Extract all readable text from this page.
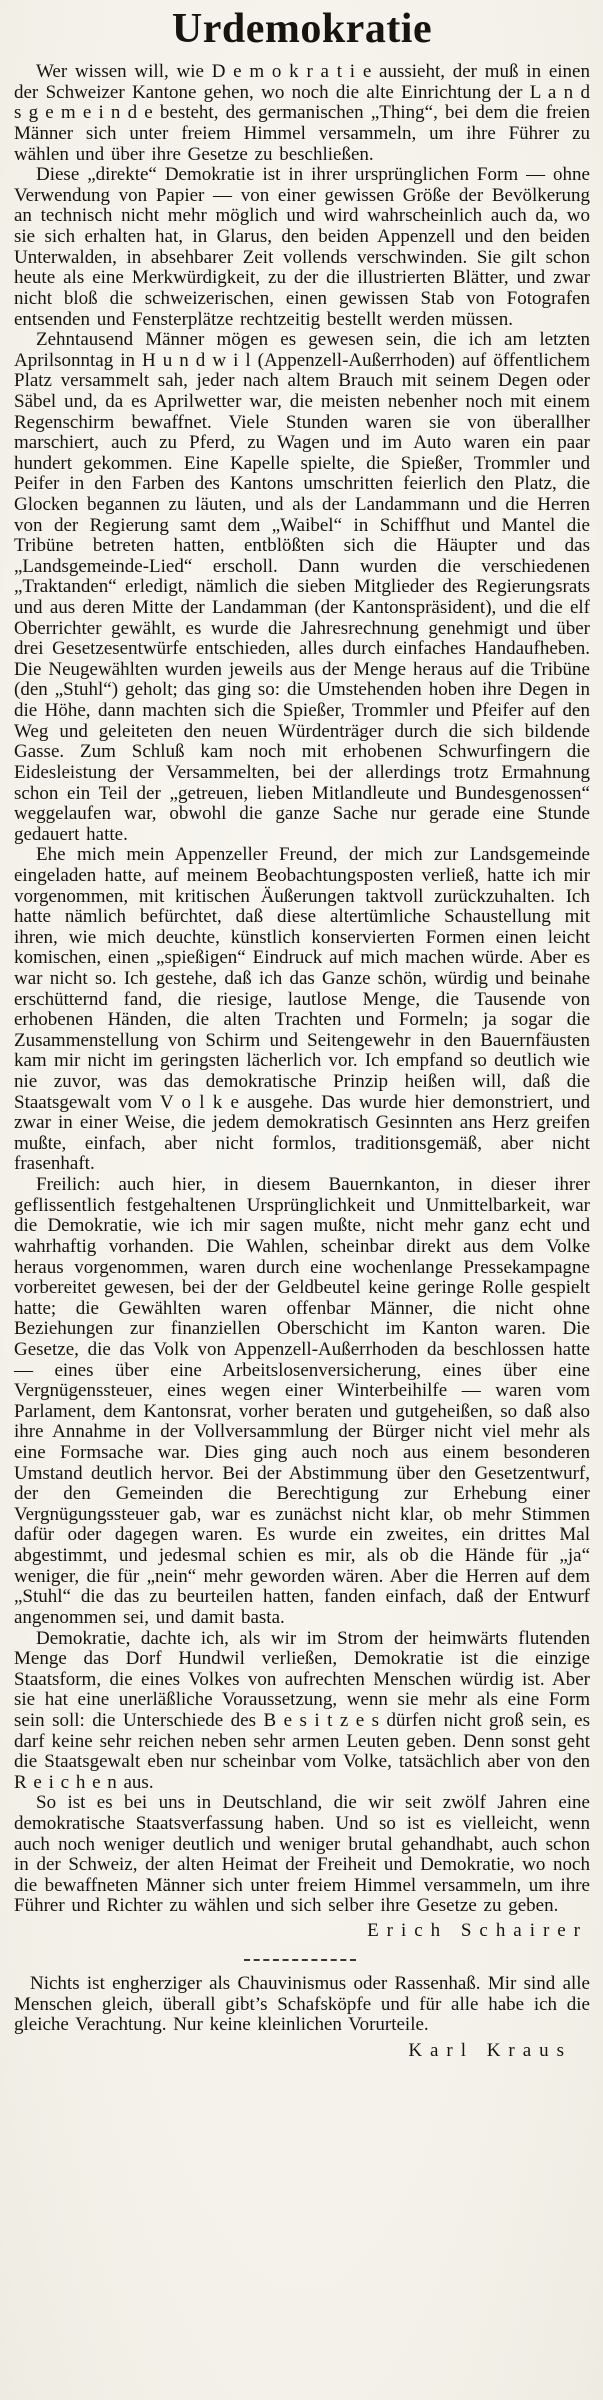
Urdemokratie

Wer wissen will, wie D e m o k r a t i e aussieht, der muß in einen der Schweizer Kantone gehen, wo noch die alte Einrichtung der L a n d s g e m e i n d e besteht, des germanischen „Thing“, bei dem die freien Männer sich unter freiem Himmel versammeln, um ihre Führer zu wählen und über ihre Gesetze zu beschließen.

Diese „direkte“ Demokratie ist in ihrer ursprünglichen Form — ohne Verwendung von Papier — von einer gewissen Größe der Bevölkerung an technisch nicht mehr möglich und wird wahrscheinlich auch da, wo sie sich erhalten hat, in Glarus, den beiden Appenzell und den beiden Unterwalden, in absehbarer Zeit vollends verschwinden. Sie gilt schon heute als eine Merkwürdigkeit, zu der die illustrierten Blätter, und zwar nicht bloß die schweizerischen, einen gewissen Stab von Fotografen entsenden und Fensterplätze rechtzeitig bestellt werden müssen.

Zehntausend Männer mögen es gewesen sein, die ich am letzten Aprilsonntag in H u n d w i l (Appenzell-Außerrhoden) auf öffentlichem Platz versammelt sah, jeder nach altem Brauch mit seinem Degen oder Säbel und, da es Aprilwetter war, die meisten nebenher noch mit einem Regenschirm bewaffnet. Viele Stunden waren sie von überallher marschiert, auch zu Pferd, zu Wagen und im Auto waren ein paar hundert gekommen. Eine Kapelle spielte, die Spießer, Trommler und Peifer in den Farben des Kantons umschritten feierlich den Platz, die Glocken begannen zu läuten, und als der Landammann und die Herren von der Regierung samt dem „Waibel“ in Schiffhut und Mantel die Tribüne betreten hatten, entblößten sich die Häupter und das „Landsgemeinde-Lied“ erscholl. Dann wurden die verschiedenen „Traktanden“ erledigt, nämlich die sieben Mitglieder des Regierungsrats und aus deren Mitte der Landamman (der Kantonspräsident), und die elf Oberrichter gewählt, es wurde die Jahresrechnung genehmigt und über drei Gesetzesentwürfe entschieden, alles durch einfaches Handaufheben. Die Neugewählten wurden jeweils aus der Menge heraus auf die Tribüne (den „Stuhl“) geholt; das ging so: die Umstehenden hoben ihre Degen in die Höhe, dann machten sich die Spießer, Trommler und Pfeifer auf den Weg und geleiteten den neuen Würdenträger durch die sich bildende Gasse. Zum Schluß kam noch mit erhobenen Schwurfingern die Eidesleistung der Versammelten, bei der allerdings trotz Ermahnung schon ein Teil der „getreuen, lieben Mitlandleute und Bundesgenossen“ weggelaufen war, obwohl die ganze Sache nur gerade eine Stunde gedauert hatte.

Ehe mich mein Appenzeller Freund, der mich zur Landsgemeinde eingeladen hatte, auf meinem Beobachtungsposten verließ, hatte ich mir vorgenommen, mit kritischen Äußerungen taktvoll zurückzuhalten. Ich hatte nämlich befürchtet, daß diese altertümliche Schaustellung mit ihren, wie mich deuchte, künstlich konservierten Formen einen leicht komischen, einen „spießigen“ Eindruck auf mich machen würde. Aber es war nicht so. Ich gestehe, daß ich das Ganze schön, würdig und beinahe erschütternd fand, die riesige, lautlose Menge, die Tausende von erhobenen Händen, die alten Trachten und Formeln; ja sogar die Zusammenstellung von Schirm und Seitengewehr in den Bauernfäusten kam mir nicht im geringsten lächerlich vor. Ich empfand so deutlich wie nie zuvor, was das demokratische Prinzip heißen will, daß die Staatsgewalt vom V o l k e ausgehe. Das wurde hier demonstriert, und zwar in einer Weise, die jedem demokratisch Gesinnten ans Herz greifen mußte, einfach, aber nicht formlos, traditionsgemäß, aber nicht frasenhaft.

Freilich: auch hier, in diesem Bauernkanton, in dieser ihrer geflissentlich festgehaltenen Ursprünglichkeit und Unmittelbarkeit, war die Demokratie, wie ich mir sagen mußte, nicht mehr ganz echt und wahrhaftig vorhanden. Die Wahlen, scheinbar direkt aus dem Volke heraus vorgenommen, waren durch eine wochenlange Pressekampagne vorbereitet gewesen, bei der der Geldbeutel keine geringe Rolle gespielt hatte; die Gewählten waren offenbar Männer, die nicht ohne Beziehungen zur finanziellen Oberschicht im Kanton waren. Die Gesetze, die das Volk von Appenzell-Außerrhoden da beschlossen hatte — eines über eine Arbeitslosenversicherung, eines über eine Vergnügenssteuer, eines wegen einer Winterbeihilfe — waren vom Parlament, dem Kantonsrat, vorher beraten und gutgeheißen, so daß also ihre Annahme in der Vollversammlung der Bürger nicht viel mehr als eine Formsache war. Dies ging auch noch aus einem besonderen Umstand deutlich hervor. Bei der Abstimmung über den Gesetzentwurf, der den Gemeinden die Berechtigung zur Erhebung einer Vergnügungssteuer gab, war es zunächst nicht klar, ob mehr Stimmen dafür oder dagegen waren. Es wurde ein zweites, ein drittes Mal abgestimmt, und jedesmal schien es mir, als ob die Hände für „ja“ weniger, die für „nein“ mehr geworden wären. Aber die Herren auf dem „Stuhl“ die das zu beurteilen hatten, fanden einfach, daß der Entwurf angenommen sei, und damit basta.

Demokratie, dachte ich, als wir im Strom der heimwärts flutenden Menge das Dorf Hundwil verließen, Demokratie ist die einzige Staatsform, die eines Volkes von aufrechten Menschen würdig ist. Aber sie hat eine unerläßliche Voraussetzung, wenn sie mehr als eine Form sein soll: die Unterschiede des B e s i t z e s dürfen nicht groß sein, es darf keine sehr reichen neben sehr armen Leuten geben. Denn sonst geht die Staatsgewalt eben nur scheinbar vom Volke, tatsächlich aber von den R e i c h e n aus.

So ist es bei uns in Deutschland, die wir seit zwölf Jahren eine demokratische Staatsverfassung haben. Und so ist es vielleicht, wenn auch noch weniger deutlich und weniger brutal gehandhabt, auch schon in der Schweiz, der alten Heimat der Freiheit und Demokratie, wo noch die bewaffneten Männer sich unter freiem Himmel versammeln, um ihre Führer und Richter zu wählen und sich selber ihre Gesetze zu geben.

Erich Schairer

Nichts ist engherziger als Chauvinismus oder Rassenhaß. Mir sind alle Menschen gleich, überall gibt’s Schafsköpfe und für alle habe ich die gleiche Verachtung. Nur keine kleinlichen Vorurteile.

Karl Kraus
